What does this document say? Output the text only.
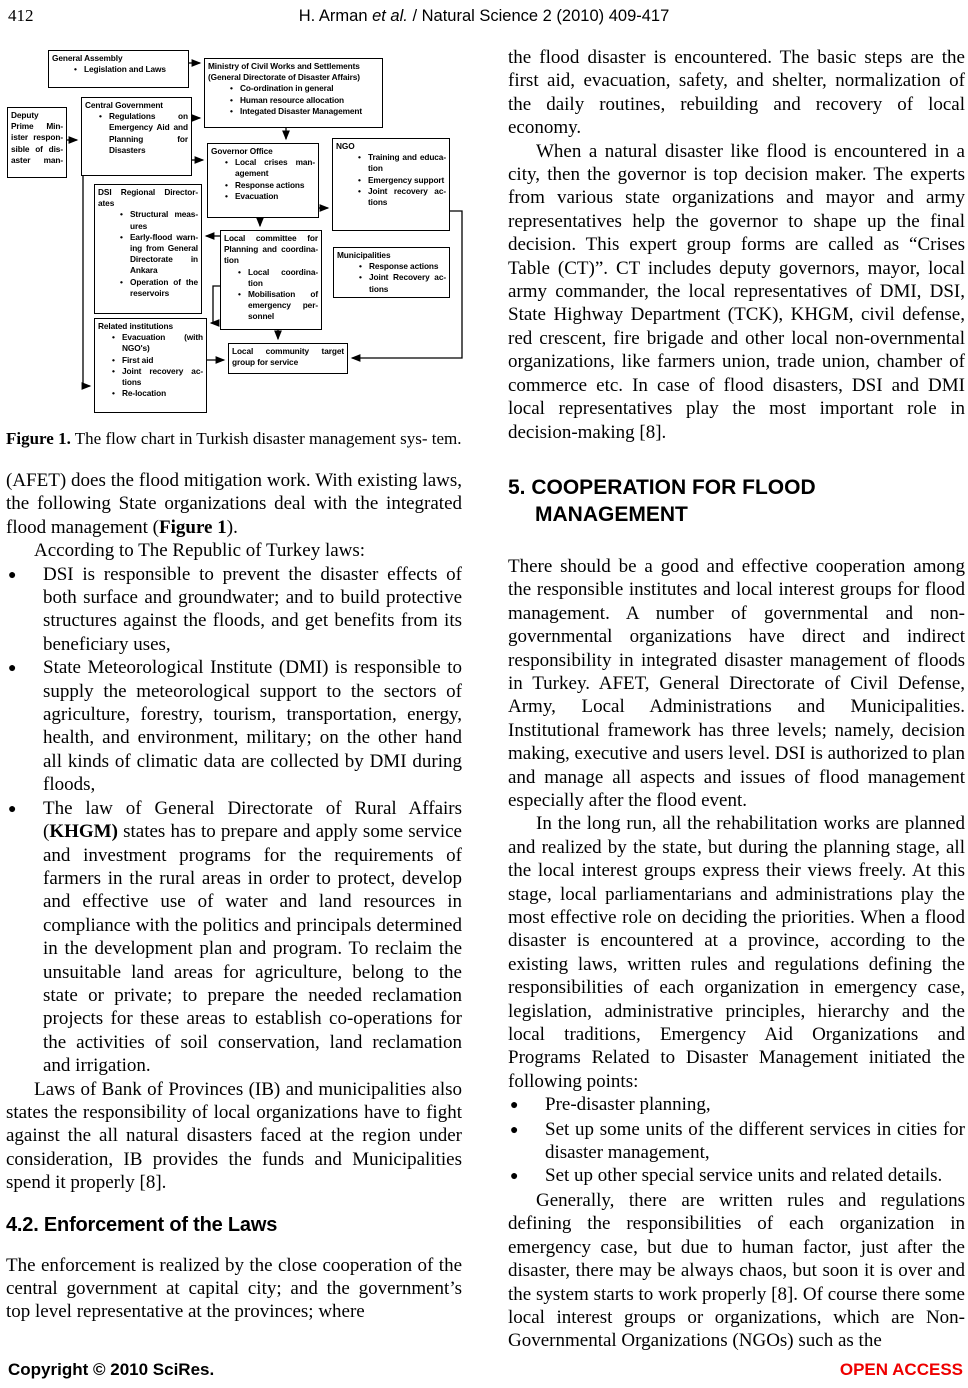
412	H. Arman et al. / Natural Science 2 (2010) 409-417
General Assembly
• Legislation and Laws	Ministry of Civil Works and Settlements
(General Directorate of Disaster Affairs)
• Co-ordination in general
• Human resource allocation
• Integated Disaster Management
Deputy
Prime Min-
ister respon-
sible of dis-
aster man-
Central Government
• Regulations on Emergency Aid and Planning for Disasters	Governor Office
• Local crises man- agement
• Response actions
• Evacuation
NGO
• Training and educa- tion
• Emergency support
• Joint recovery ac- tions
DSI Regional Director- ates
• Structural meas- ures
• Early-flood warn- ing from General Directorate in Ankara
• Operation of the reservoirs
Local committee for Planning and coordina- tion
• Local coordina- tion
• Mobilisation of emergency per- sonnel
Municipalities
• Response actions
• Joint Recovery ac- tions
Related institutions
• Evacuation (with NGO's)
• First aid
• Joint recovery ac- tions
• Re-location
Local community target group for service

Figure 1. The flow chart in Turkish disaster management sys- tem.

(AFET) does the flood mitigation work. With existing laws, the following State organizations deal with the integrated flood management (Figure 1).

According to The Republic of Turkey laws:

●	DSI is responsible to prevent the disaster effects of both surface and groundwater; and to build protective structures against the floods, and get benefits from its beneficiary uses,
●	State Meteorological Institute (DMI) is responsible to supply the meteorological support to the sectors of agriculture, forestry, tourism, transportation, energy, health, and environment, military; on the other hand all kinds of climatic data are collected by DMI during floods,
●	The law of General Directorate of Rural Affairs (KHGM) states has to prepare and apply some service and investment programs for the requirements of farmers in the rural areas in order to protect, develop and effective use of water and land resources in compliance with the politics and principals determined in the development plan and program. To reclaim the unsuitable land areas for agriculture, belong to the state or private; to prepare the needed reclamation projects for these areas to establish co-operations for the activities of soil conservation, land reclamation and irrigation.

Laws of Bank of Provinces (IB) and municipalities also states the responsibility of local organizations have to fight against the all natural disasters faced at the region under consideration, IB provides the funds and Municipalities spend it properly [8].

4.2. Enforcement of the Laws

The enforcement is realized by the close cooperation of the central government at capital city; and the government’s top level representative at the provinces; where

the flood disaster is encountered. The basic steps are the first aid, evacuation, safety, and shelter, normalization of the daily routines, rebuilding and recovery of local economy.

When a natural disaster like flood is encountered in a city, then the governor is top decision maker. The experts from various state organizations and mayor and army representatives help the governor to shape up the final decision. This expert group forms are called as “Crises Table (CT)”. CT includes deputy governors, mayor, local army commander, the local representatives of DMI, DSI, State Highway Department (TCK), KHGM, civil defense, red crescent, fire brigade and other local non-overnmental organizations, like farmers union, trade union, chamber of commerce etc. In case of flood disasters, DSI and DMI local representatives play the most important role in decision-making [8].

5. COOPERATION FOR FLOOD
MANAGEMENT

There should be a good and effective cooperation among the responsible institutes and local interest groups for flood management. A number of governmental and non-governmental organizations have direct and indirect responsibility in integrated disaster management of floods in Turkey. AFET, General Directorate of Civil Defense, Army, Local Administrations and Municipalities. Institutional framework has three levels; namely, decision making, executive and users level. DSI is authorized to plan and manage all aspects and issues of flood management especially after the flood event.

In the long run, all the rehabilitation works are planned and realized by the state, but during the planning stage, all the local interest groups express their views freely. At this stage, local parliamentarians and administrations play the most effective role on deciding the priorities. When a flood disaster is encountered at a province, according to the existing laws, written rules and regulations defining the responsibilities of each organization in emergency case, legislation, administrative principles, hierarchy and the local traditions, Emergency Aid Organizations and Programs Related to Disaster Management initiated the following points:

●	Pre-disaster planning,
●	Set up some units of the different services in cities for disaster management,
●	Set up other special service units and related details.

Generally, there are written rules and regulations defining the responsibilities of each organization in emergency case, but due to human factor, just after the disaster, there may be always chaos, but soon it is over and the system starts to work properly [8]. Of course there some local interest groups or organizations, which are Non-Governmental Organizations (NGOs) such as the

Copyright © 2010 SciRes.	OPEN ACCESS
